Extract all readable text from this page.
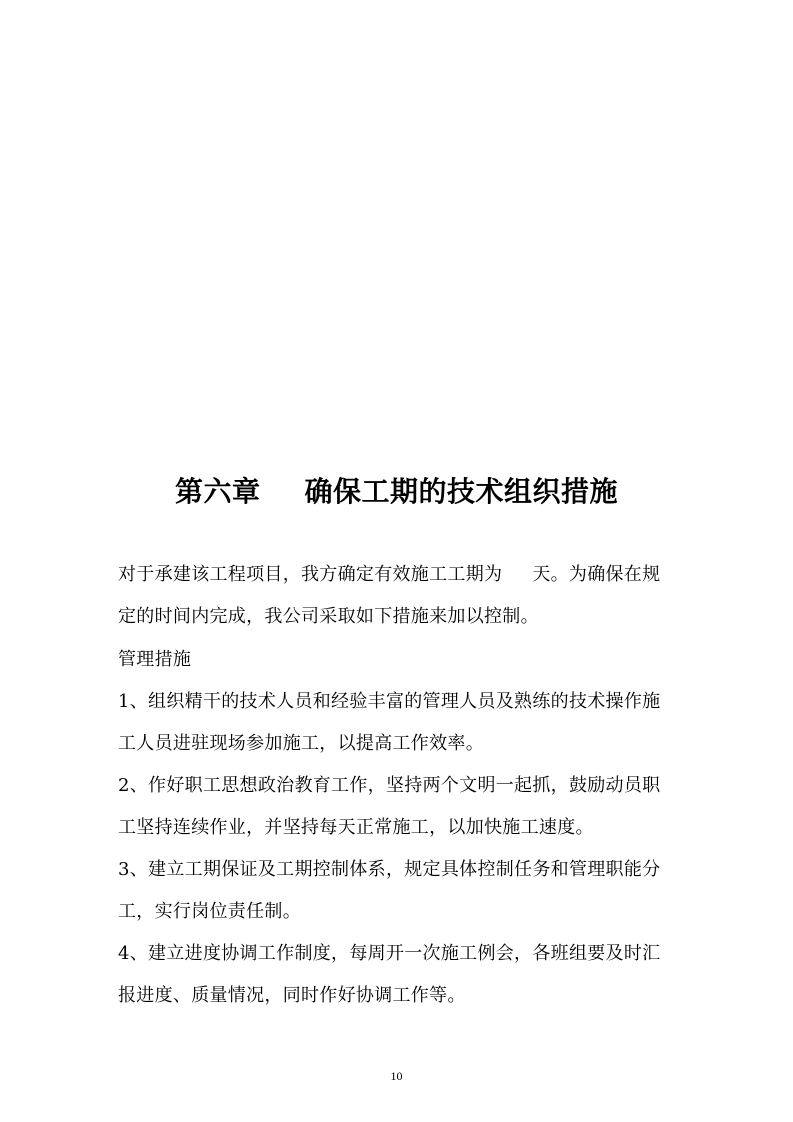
第六章 确保工期的技术组织措施
对于承建该工程项目，我方确定有效施工工期为 天。为确保在规
定的时间内完成，我公司采取如下措施来加以控制。
管理措施
1、组织精干的技术人员和经验丰富的管理人员及熟练的技术操作施
工人员进驻现场参加施工，以提高工作效率。
2、作好职工思想政治教育工作，坚持两个文明一起抓，鼓励动员职
工坚持连续作业，并坚持每天正常施工，以加快施工速度。
3、建立工期保证及工期控制体系，规定具体控制任务和管理职能分
工，实行岗位责任制。
4、建立进度协调工作制度，每周开一次施工例会，各班组要及时汇
报进度、质量情况，同时作好协调工作等。
10
